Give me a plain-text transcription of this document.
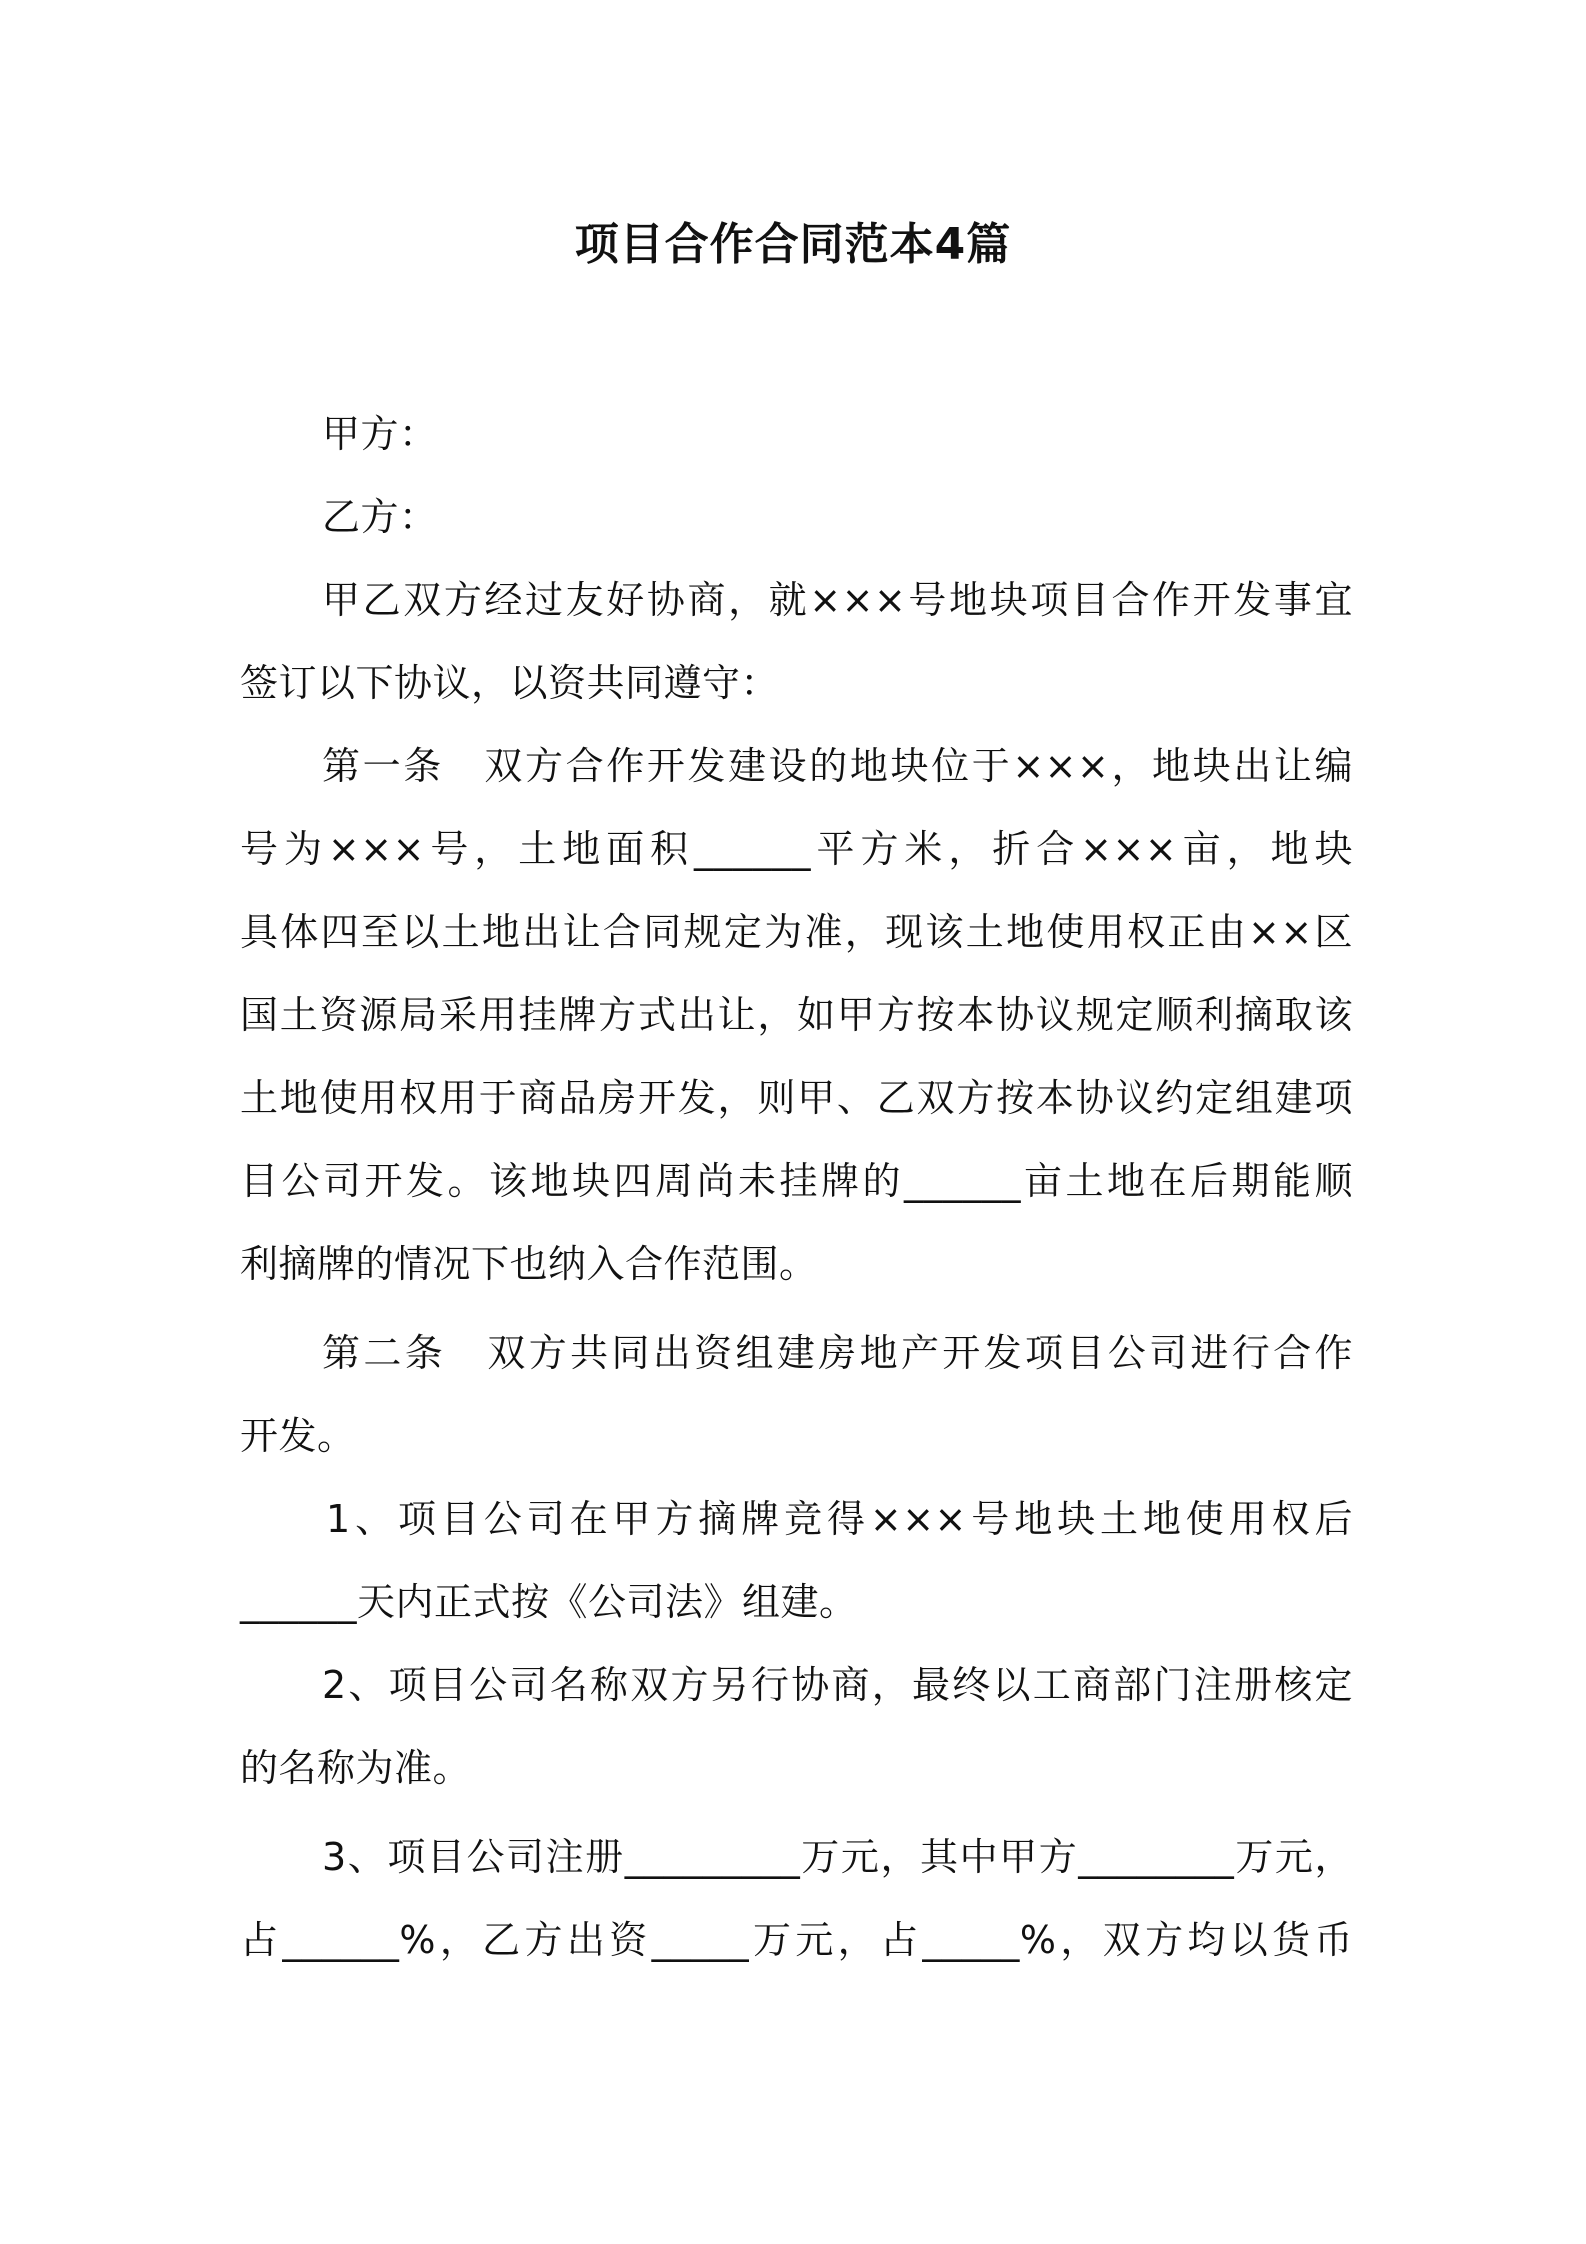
项目合作合同范本4篇
甲方：
乙方：
甲乙双方经过友好协商，就×××号地块项目合作开发事宜
签订以下协议，以资共同遵守：
第一条　双方合作开发建设的地块位于×××，地块出让编
号为×××号，土地面积______平方米，折合×××亩，地块
具体四至以土地出让合同规定为准，现该土地使用权正由××区
国土资源局采用挂牌方式出让，如甲方按本协议规定顺利摘取该
土地使用权用于商品房开发，则甲、乙双方按本协议约定组建项
目公司开发。该地块四周尚未挂牌的______亩土地在后期能顺
利摘牌的情况下也纳入合作范围。
第二条　双方共同出资组建房地产开发项目公司进行合作
开发。
1、项目公司在甲方摘牌竞得×××号地块土地使用权后
______天内正式按《公司法》组建。
2、项目公司名称双方另行协商，最终以工商部门注册核定
的名称为准。
3、项目公司注册_________万元，其中甲方________万元，
占______%，乙方出资_____万元，占_____%，双方均以货币
